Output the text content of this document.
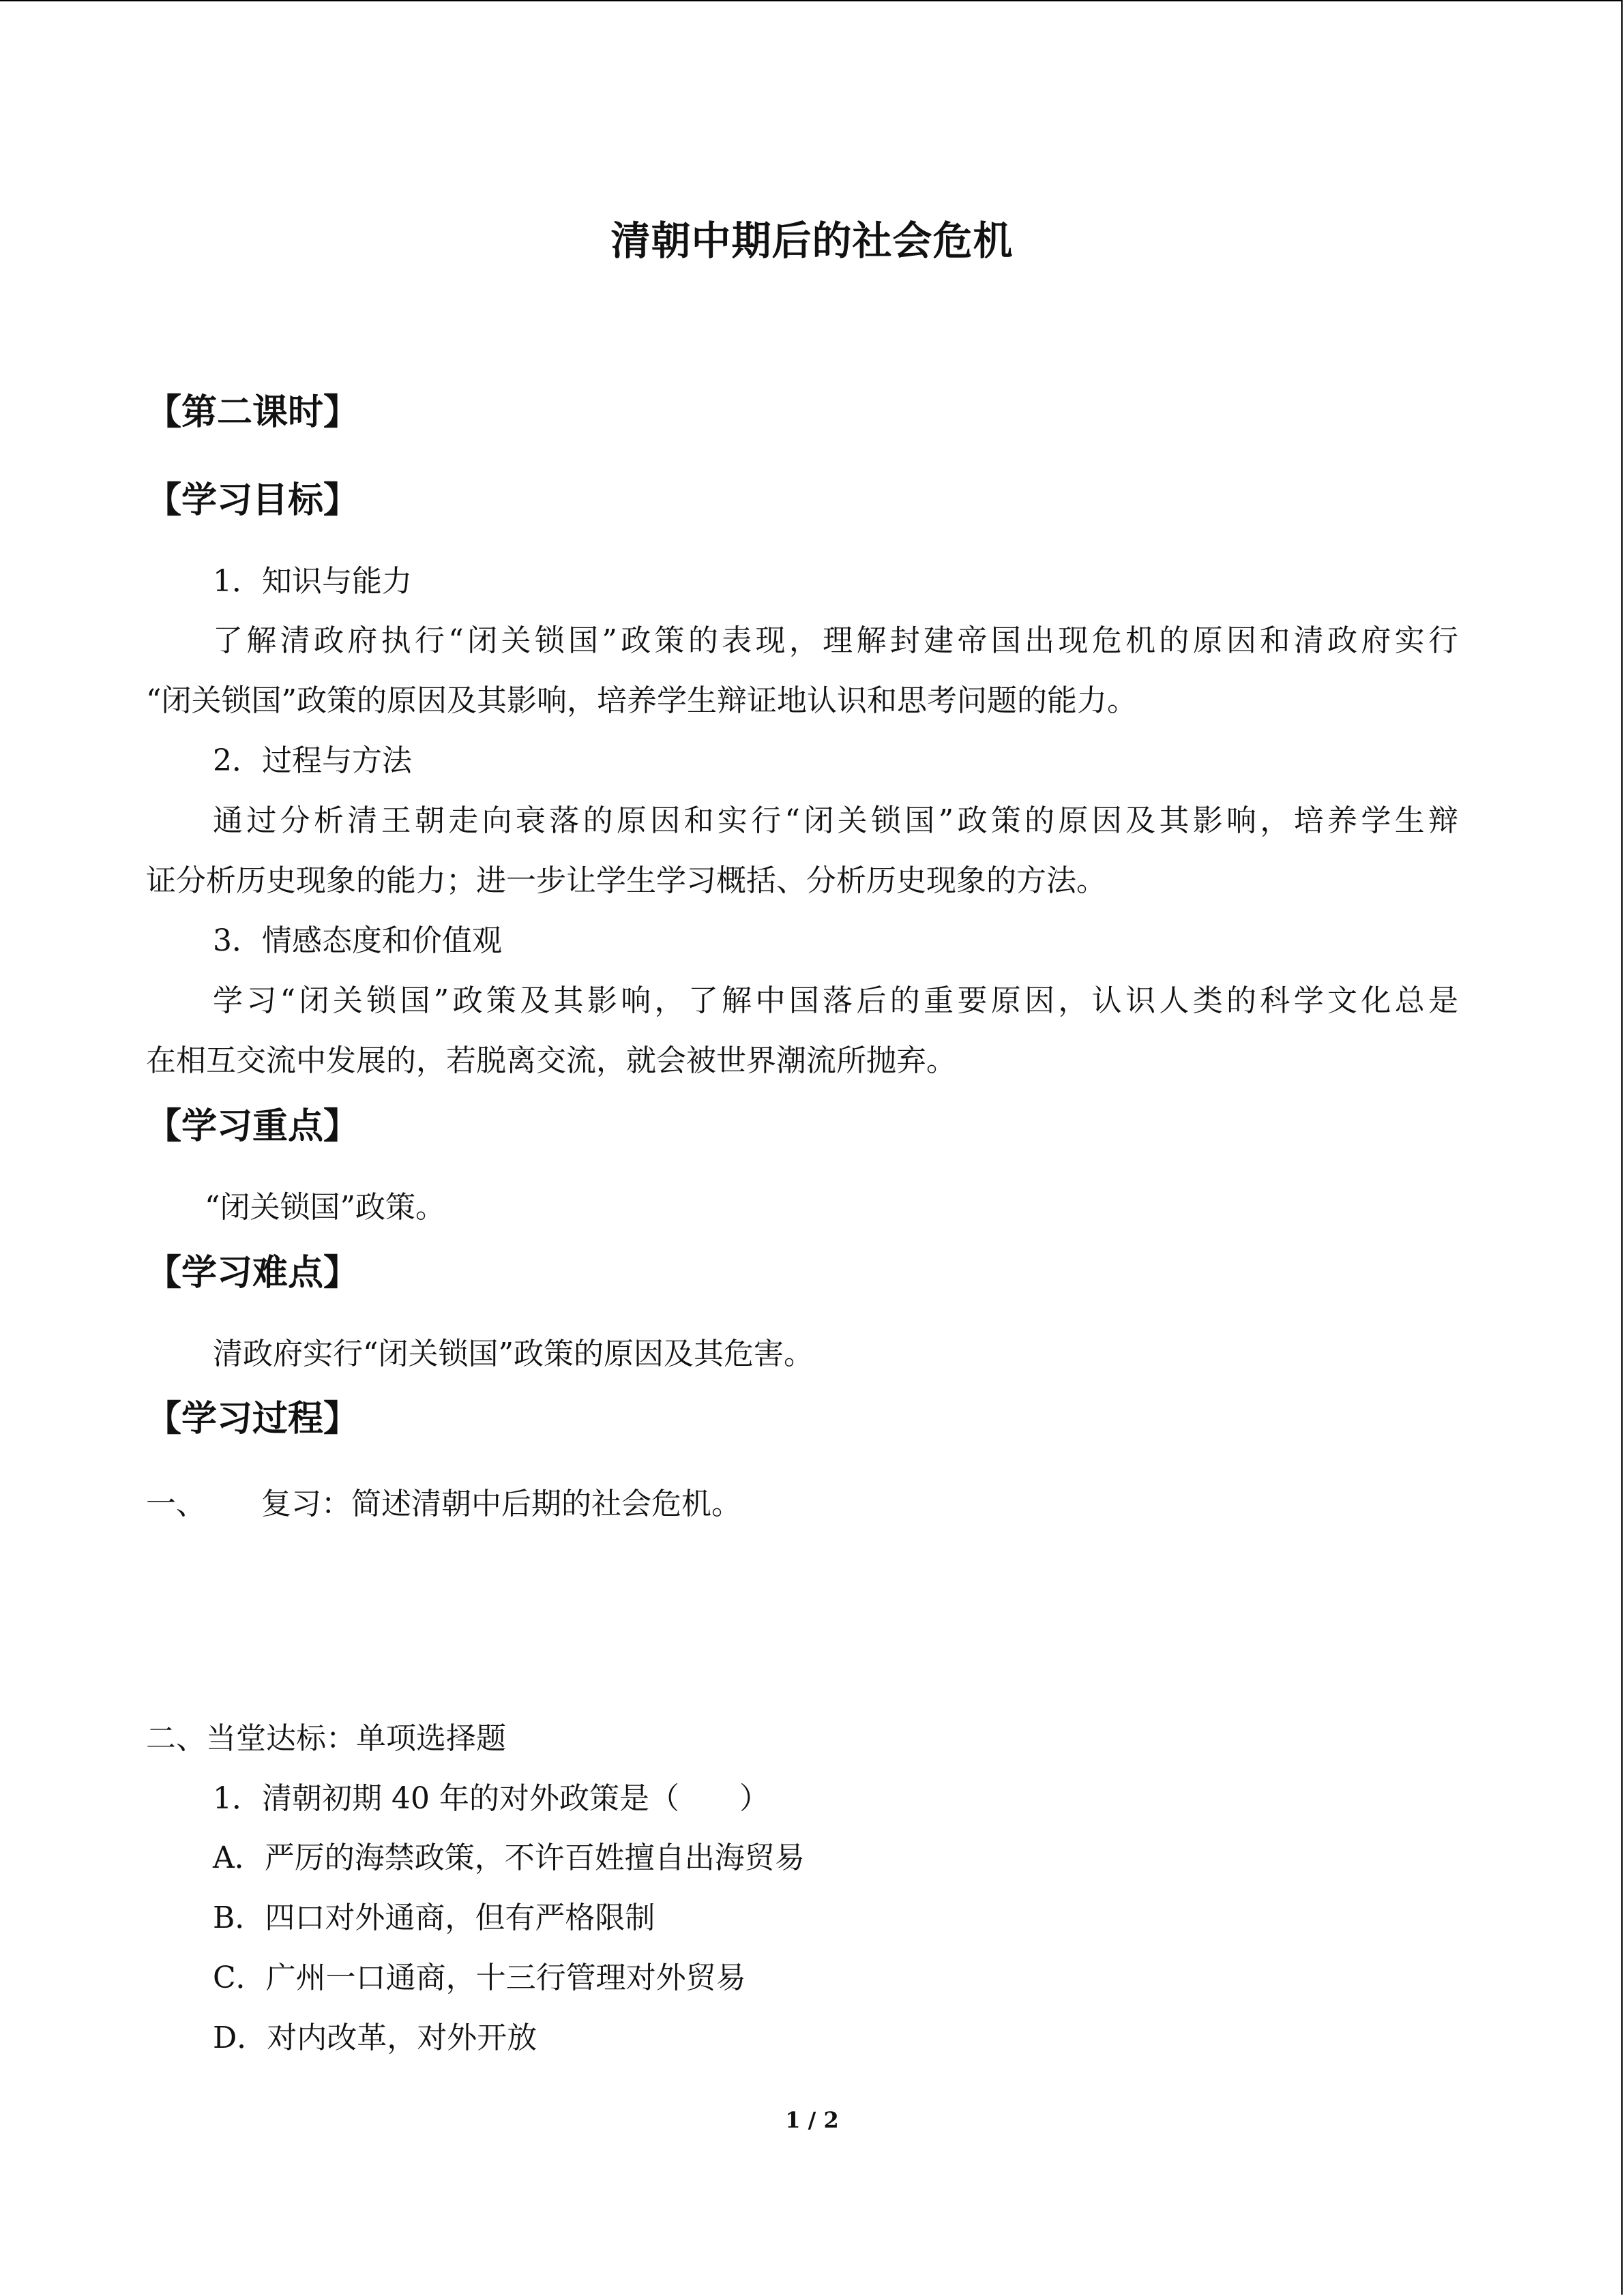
清朝中期后的社会危机
【第二课时】
【学习目标】
1．知识与能力
了解清政府执行“闭关锁国”政策的表现，理解封建帝国出现危机的原因和清政府实行
“闭关锁国”政策的原因及其影响，培养学生辩证地认识和思考问题的能力。
2．过程与方法
通过分析清王朝走向衰落的原因和实行“闭关锁国”政策的原因及其影响，培养学生辩
证分析历史现象的能力；进一步让学生学习概括、分析历史现象的方法。
3．情感态度和价值观
学习“闭关锁国”政策及其影响，了解中国落后的重要原因，认识人类的科学文化总是
在相互交流中发展的，若脱离交流，就会被世界潮流所抛弃。
【学习重点】
“闭关锁国”政策。
【学习难点】
清政府实行“闭关锁国”政策的原因及其危害。
【学习过程】
一、 复习：简述清朝中后期的社会危机。
二、当堂达标：单项选择题
1．清朝初期 40 年的对外政策是（　　）
A．严厉的海禁政策，不许百姓擅自出海贸易
B．四口对外通商，但有严格限制
C．广州一口通商，十三行管理对外贸易
D．对内改革，对外开放
1 / 2
